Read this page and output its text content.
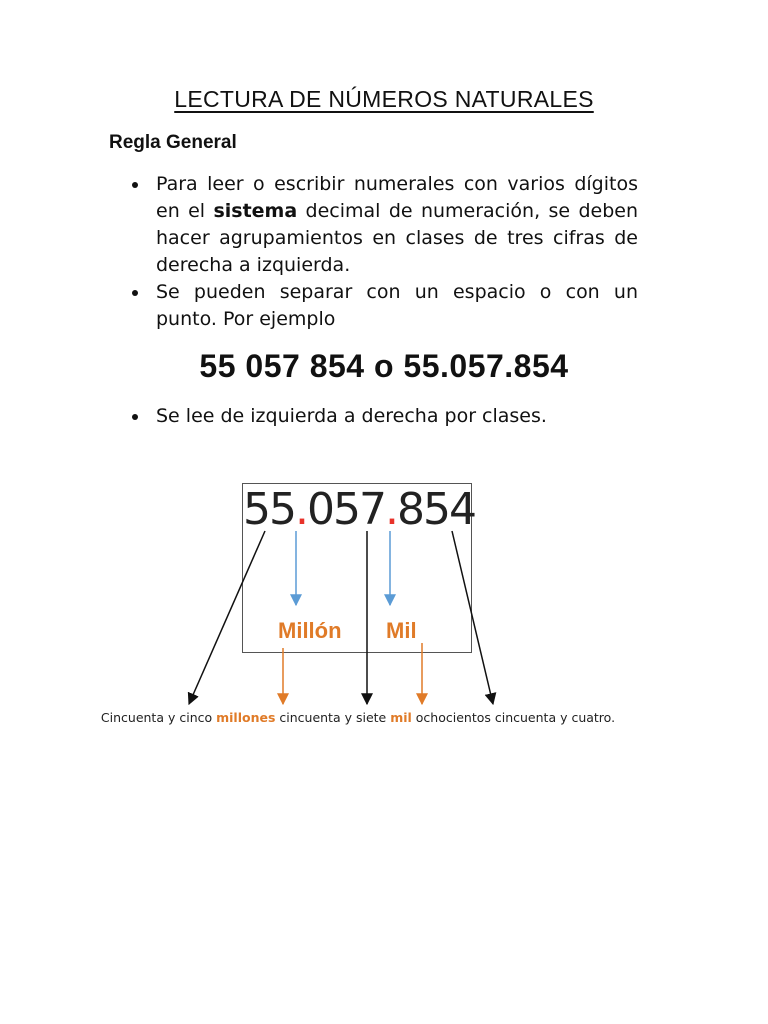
LECTURA DE NÚMEROS NATURALES
Regla General
Para leer o escribir numerales con varios dígitos en el sistema decimal de numeración, se deben hacer agrupamientos en clases de tres cifras de derecha a izquierda.
Se pueden separar con un espacio o con un punto. Por ejemplo
55 057 854 o 55.057.854
Se lee de izquierda a derecha por clases.
55.057.854
Millón Mil
Cincuenta y cinco millones cincuenta y siete mil ochocientos cincuenta y cuatro.
